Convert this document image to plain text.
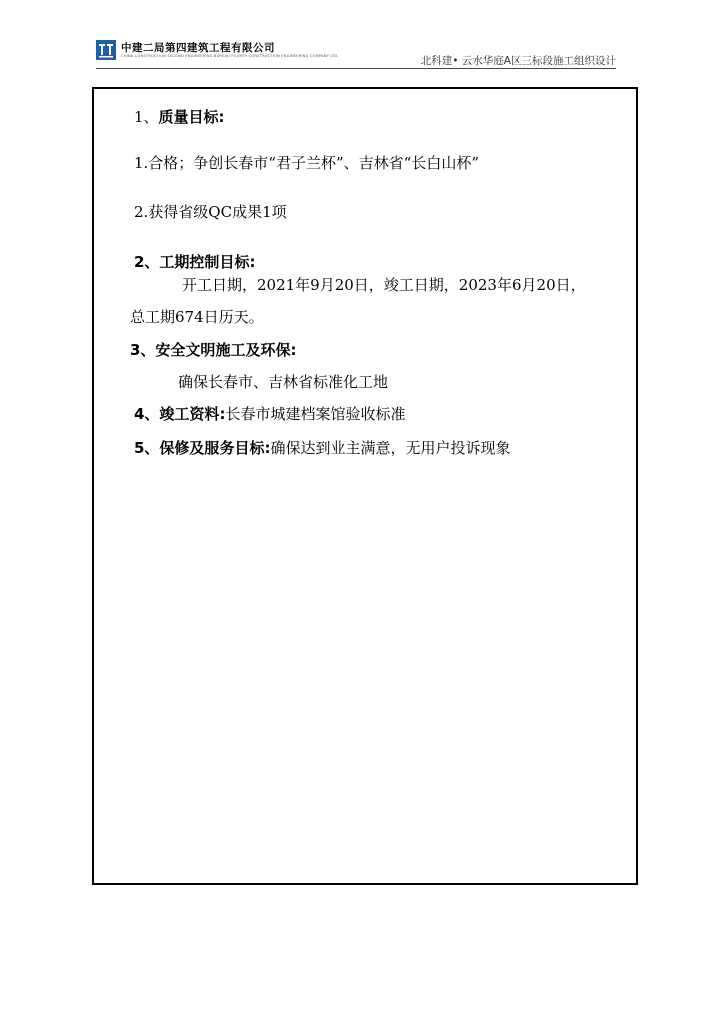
中建二局第四建筑工程有限公司
CHINA CONSTRUCTION SECOND ENGINEERING BUREAU FOURTH CONSTRUCTION ENGINEERING COMPANY LTD.	北科建• 云水华庭A区三标段施工组织设计
1、质量目标:
1.合格；争创长春市“君子兰杯”、吉林省“长白山杯”
2.获得省级QC成果1项
2、工期控制目标:
开工日期，2021年9月20日，竣工日期，2023年6月20日，
总工期674日历天。
3、安全文明施工及环保:
确保长春市、吉林省标准化工地
4、竣工资料:长春市城建档案馆验收标准
5、保修及服务目标:确保达到业主满意，无用户投诉现象
